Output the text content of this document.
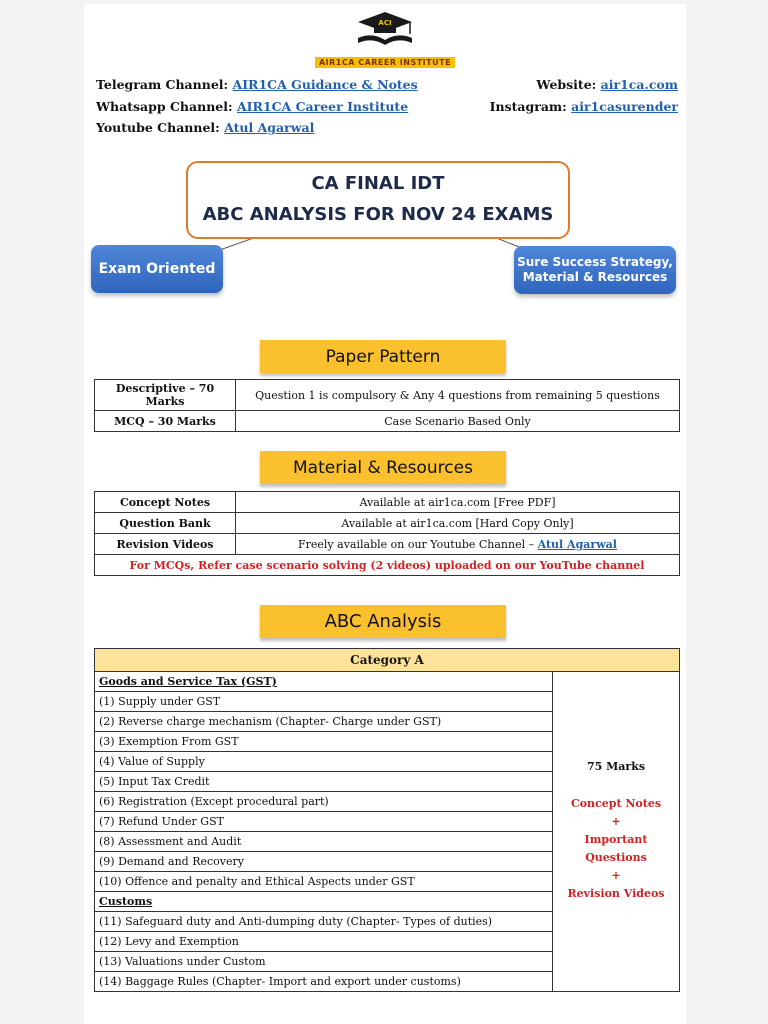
ACI
AIR1CA CAREER INSTITUTE
Telegram Channel: AIR1CA Guidance & Notes	Website: air1ca.com
Whatsapp Channel: AIR1CA Career Institute	Instagram: air1casurender
Youtube Channel: Atul Agarwal
CA FINAL IDT
ABC ANALYSIS FOR NOV 24 EXAMS
Exam Oriented	Sure Success Strategy,
Material & Resources
Paper Pattern
Descriptive – 70 Marks	Question 1 is compulsory & Any 4 questions from remaining 5 questions
MCQ – 30 Marks	Case Scenario Based Only
Material & Resources
Concept Notes	Available at air1ca.com [Free PDF]
Question Bank	Available at air1ca.com [Hard Copy Only]
Revision Videos	Freely available on our Youtube Channel – Atul Agarwal
For MCQs, Refer case scenario solving (2 videos) uploaded on our YouTube channel	
ABC Analysis
Category A
Goods and Service Tax (GST)	
75 Marks
Concept Notes
+
Important Questions
+
Revision Videos

(1) Supply under GST
(2) Reverse charge mechanism (Chapter- Charge under GST)
(3) Exemption From GST
(4) Value of Supply
(5) Input Tax Credit
(6) Registration (Except procedural part)
(7) Refund Under GST
(8) Assessment and Audit
(9) Demand and Recovery
(10) Offence and penalty and Ethical Aspects under GST
Customs
(11) Safeguard duty and Anti-dumping duty (Chapter- Types of duties)
(12) Levy and Exemption
(13) Valuations under Custom
(14) Baggage Rules (Chapter- Import and export under customs)
